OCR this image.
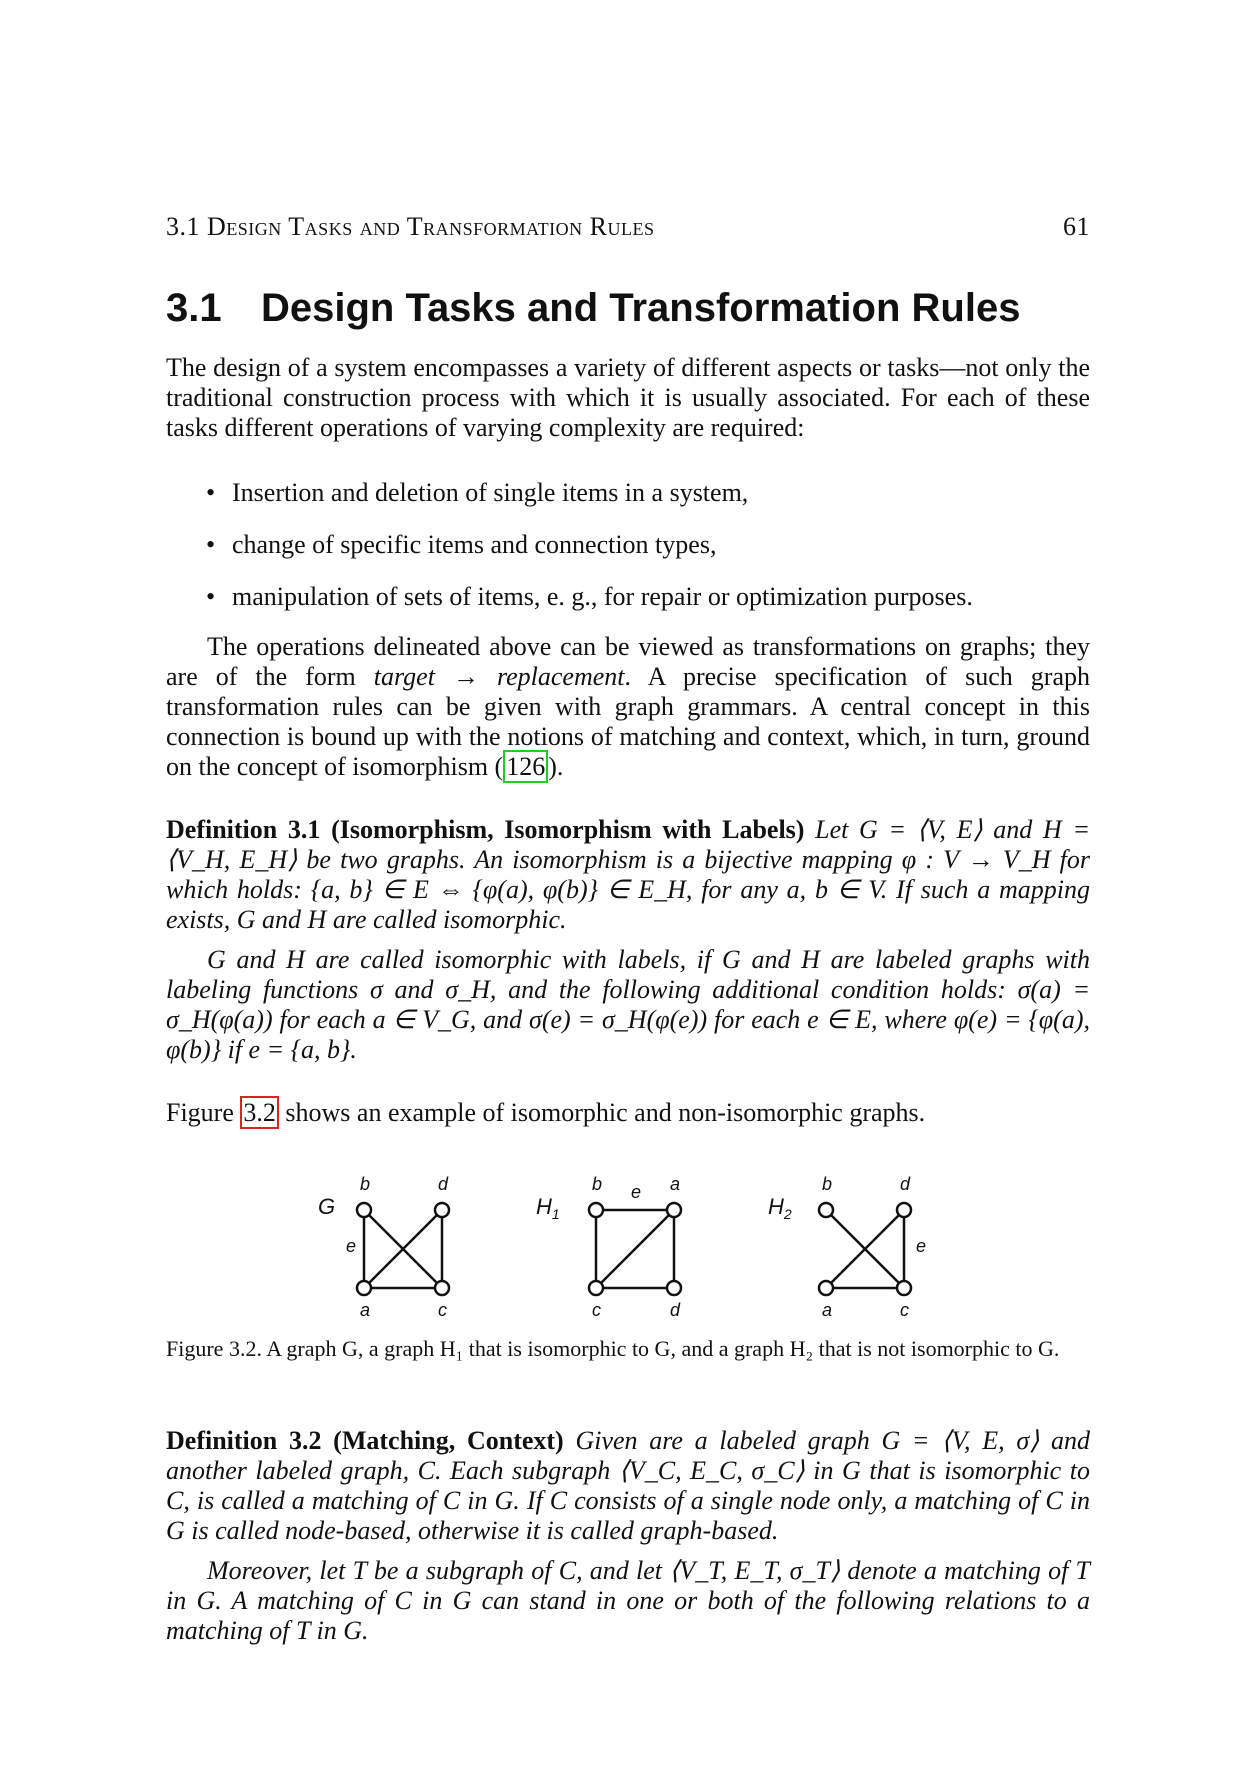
3.1 Design Tasks and Transformation Rules	61
3.1 Design Tasks and Transformation Rules

The design of a system encompasses a variety of different aspects or tasks—not only the traditional construction process with which it is usually associated. For each of these tasks different operations of varying complexity are required:

• Insertion and deletion of single items in a system,
• change of specific items and connection types,
• manipulation of sets of items, e. g., for repair or optimization purposes.

The operations delineated above can be viewed as transformations on graphs; they are of the form target → replacement. A precise specification of such graph transformation rules can be given with graph grammars. A central concept in this connection is bound up with the notions of matching and context, which, in turn, ground on the concept of isomorphism ( 126 ).

Definition 3.1 (Isomorphism, Isomorphism with Labels) Let G = ⟨V, E⟩ and H = ⟨V_H, E_H⟩ be two graphs. An isomorphism is a bijective mapping φ : V → V_H for which holds: {a, b} ∈ E ⇔ {φ(a), φ(b)} ∈ E_H, for any a, b ∈ V. If such a mapping exists, G and H are called isomorphic.

G and H are called isomorphic with labels, if G and H are labeled graphs with labeling functions σ and σ_H, and the following additional condition holds: σ(a) = σ_H(φ(a)) for each a ∈ V_G, and σ(e) = σ_H(φ(e)) for each e ∈ E, where φ(e) = {φ(a), φ(b)} if e = {a, b}.

Figure 3.2 shows an example of isomorphic and non-isomorphic graphs.

G
b	d
e
a	c
$H_1$
b e a
c	d
$H_2$
b	d
e
a	c

Figure 3.2. A graph G, a graph H₁ that is isomorphic to G, and a graph H₂ that is not isomorphic to G.

Definition 3.2 (Matching, Context) Given are a labeled graph G = ⟨V, E, σ⟩ and another labeled graph, C. Each subgraph ⟨V_C, E_C, σ_C⟩ in G that is isomorphic to C, is called a matching of C in G. If C consists of a single node only, a matching of C in G is called node-based, otherwise it is called graph-based.

Moreover, let T be a subgraph of C, and let ⟨V_T, E_T, σ_T⟩ denote a matching of T in G. A matching of C in G can stand in one or both of the following relations to a matching of T in G.
